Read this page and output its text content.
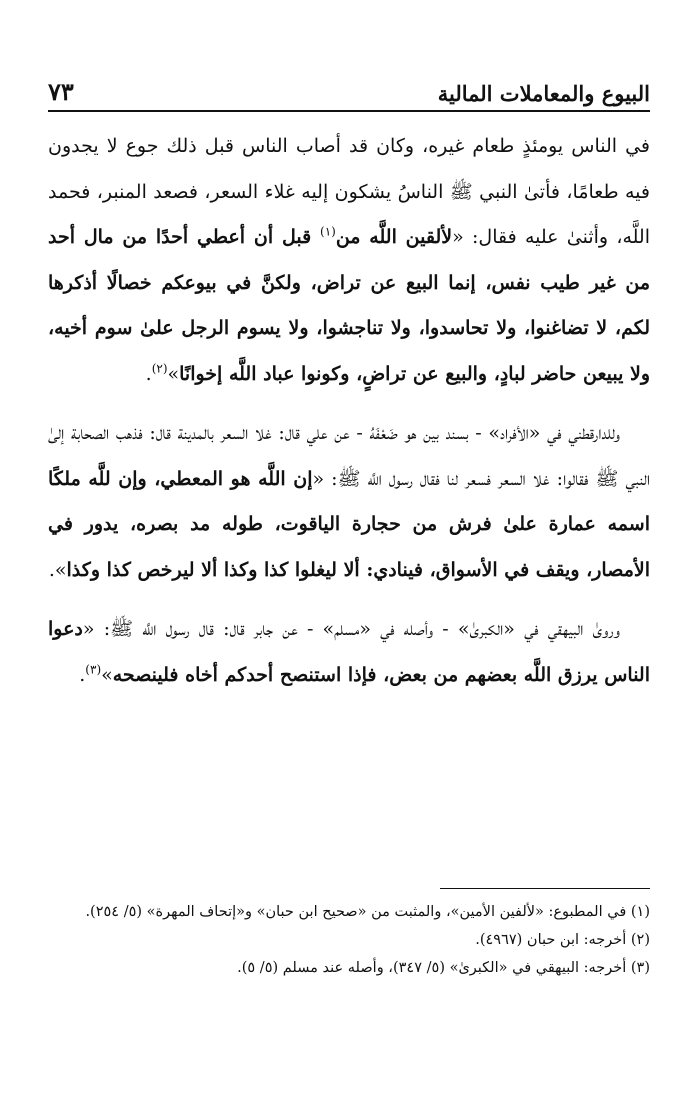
البيوع والمعاملات المالية
٧٣

في الناس يومئذٍ طعام غيره، وكان قد أصاب الناس قبل ذلك جوع لا يجدون فيه طعامًا، فأتىٰ النبي ﷺ الناسُ يشكون إليه غلاء السعر، فصعد المنبر، فحمد اللَّه، وأثنىٰ عليه فقال: «لألقين اللَّه من$^{(١)}$ قبل أن أعطي أحدًا من مال أحد من غير طيب نفس، إنما البيع عن تراض، ولكنَّ في بيوعكم خصالًا أذكرها لكم، لا تضاغنوا، ولا تحاسدوا، ولا تناجشوا، ولا يسوم الرجل علىٰ سوم أخيه، ولا يبيعن حاضر لبادٍ، والبيع عن تراضٍ، وكونوا عباد اللَّه إخوانًا»$^{(٢)}$.

وللدارقطني في «الأفراد» - بسند بين هو ضَعْفَهُ - عن علي قال: غلا السعر بالمدينة قال: فذهب الصحابة إلىٰ النبي ﷺ فقالوا: غلا السعر فسعر لنا فقال رسول اللَّه ﷺ: «إن اللَّه هو المعطي، وإن للَّه ملكًا اسمه عمارة علىٰ فرش من حجارة الياقوت، طوله مد بصره، يدور في الأمصار، ويقف في الأسواق، فينادي: ألا ليغلوا كذا وكذا ألا ليرخص كذا وكذا».

وروىٰ البيهقي في «الكبرىٰ» - وأصله في «مسلم» - عن جابر قال: قال رسول اللَّه ﷺ: «دعوا الناس يرزق اللَّه بعضهم من بعض، فإذا استنصح أحدكم أخاه فلينصحه»$^{(٣)}$.

(١) في المطبوع: «لألفين الأمين»، والمثبت من «صحيح ابن حبان» و«إتحاف المهرة» (٥/ ٢٥٤).

(٢) أخرجه: ابن حبان (٤٩٦٧).

(٣) أخرجه: البيهقي في «الكبرىٰ» (٥/ ٣٤٧)، وأصله عند مسلم (٥/ ٥).
